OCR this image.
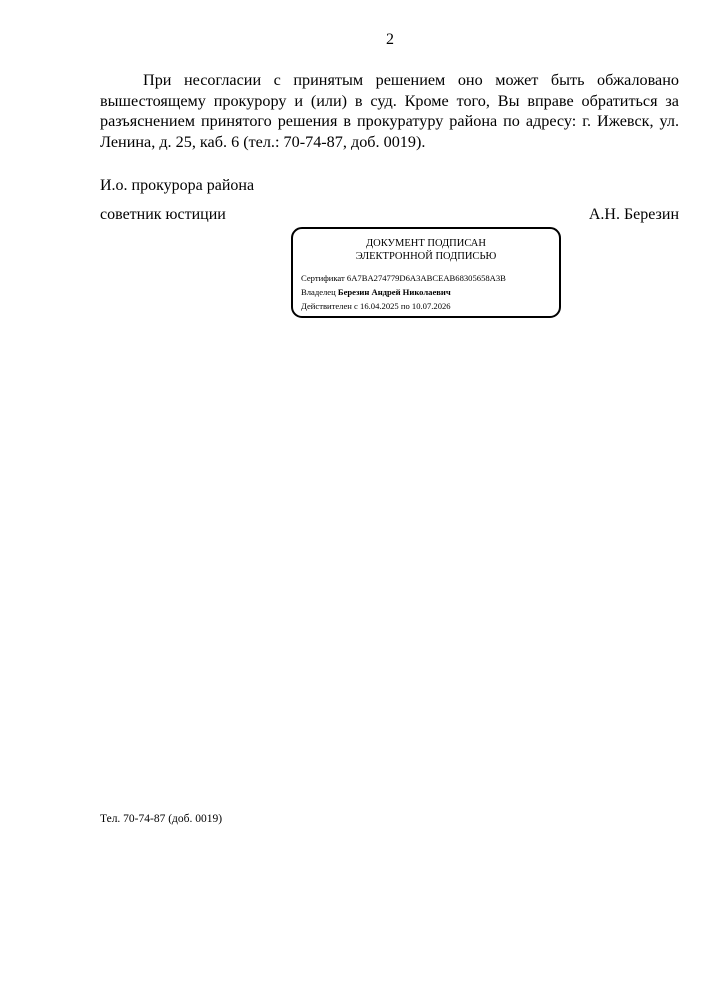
2

При несогласии с принятым решением оно может быть обжаловано вышестоящему прокурору и (или) в суд. Кроме того, Вы вправе обратиться за разъяснением принятого решения в прокуратуру района по адресу: г. Ижевск, ул. Ленина, д. 25, каб. 6 (тел.: 70-74-87, доб. 0019).

И.о. прокурора района
советник юстиции	А.Н. Березин
ДОКУМЕНТ ПОДПИСАН
ЭЛЕКТРОННОЙ ПОДПИСЬЮ
Сертификат 6A7BA274779D6A3ABCEAB68305658A3B
Владелец Березин Андрей Николаевич
Действителен с 16.04.2025 по 10.07.2026
Тел. 70-74-87 (доб. 0019)
